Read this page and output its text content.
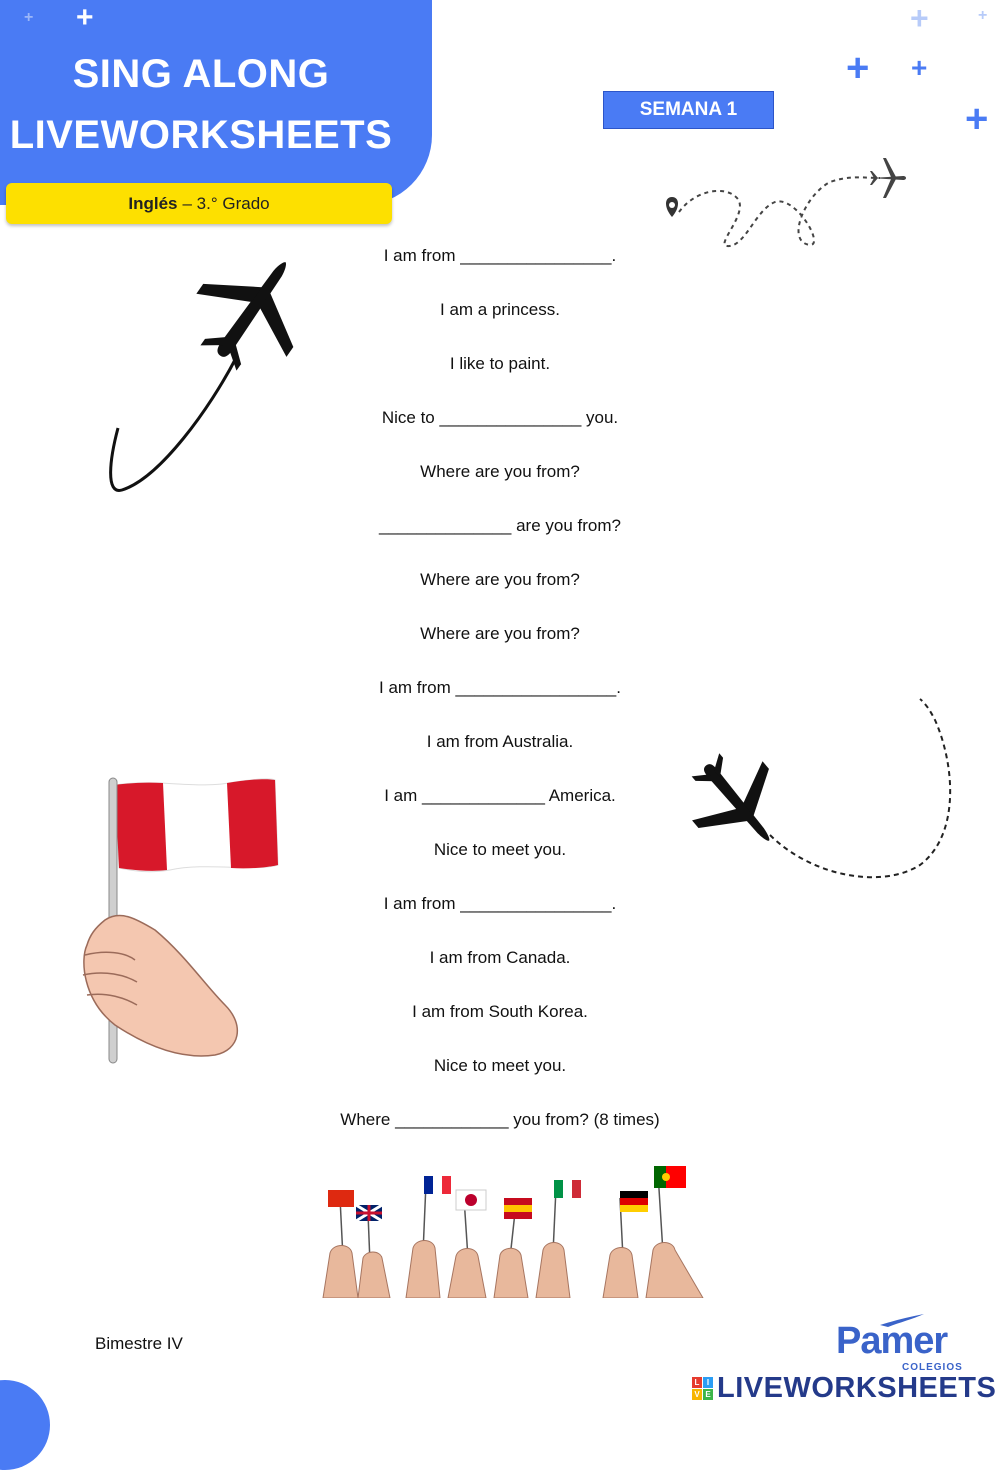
+ +
SING ALONG
LIVEWORKSHEETS
Inglés – 3.° Grado
SEMANA 1
+	+
+ +
+
I am from ________________.
I am a princess.
I like to paint.
Nice to _______________ you.
Where are you from?
______________ are you from?
Where are you from?
Where are you from?
I am from _________________.
I am from Australia.
I am _____________ America.
Nice to meet you.
I am from ________________.
I am from Canada.
I am from South Korea.
Nice to meet you.
Where ____________ you from? (8 times)
Bimestre IV	Pamer
COLEGIOS
L I
V E LIVEWORKSHEETS
